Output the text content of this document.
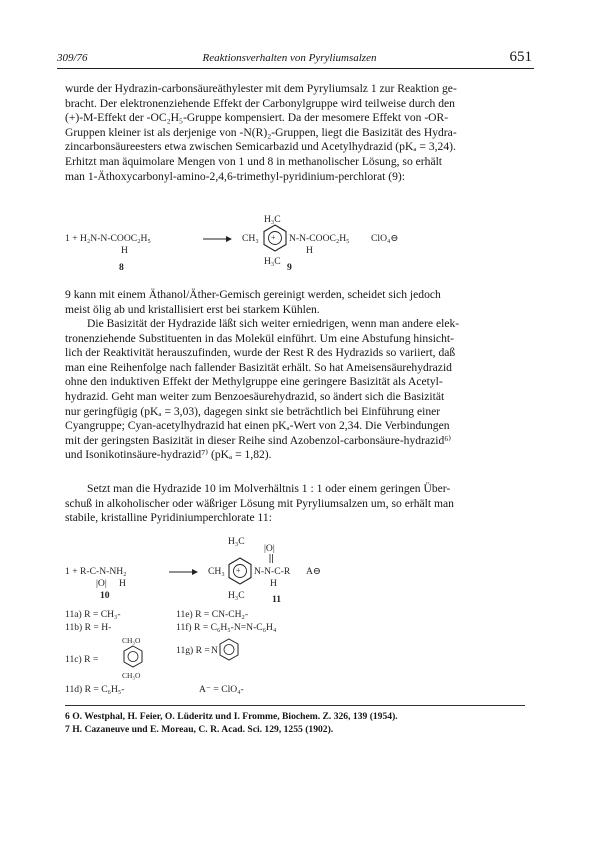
309/76	Reaktionsverhalten von Pyryliumsalzen	651
wurde der Hydrazin-carbonsäureäthylester mit dem Pyryliumsalz 1 zur Reaktion ge-
bracht. Der elektronenziehende Effekt der Carbonylgruppe wird teilweise durch den
(+)-M-Effekt der -OC₂H₅-Gruppe kompensiert. Da der mesomere Effekt von -OR-
Gruppen kleiner ist als derjenige von -N(R)₂-Gruppen, liegt die Basizität des Hydra-
zincarbonsäureesters etwa zwischen Semicarbazid und Acetylhydrazid (pKₐ = 3,24).
Erhitzt man äquimolare Mengen von 1 und 8 in methanolischer Lösung, so erhält
man 1-Äthoxycarbonyl-amino-2,4,6-trimethyl-pyridinium-perchlorat (9):
1 + H₂N-N-COOC₂H₅
H
8
→ CH₃
H₃C
+ N-N-COOC₂H₅ ClO₄⊖
H
H₃C
9
9 kann mit einem Äthanol/Äther-Gemisch gereinigt werden, scheidet sich jedoch
meist ölig ab und kristallisiert erst bei starkem Kühlen.
Die Basizität der Hydrazide läßt sich weiter erniedrigen, wenn man andere elek-
tronenziehende Substituenten in das Molekül einführt. Um eine Abstufung hinsicht-
lich der Reaktivität herauszufinden, wurde der Rest R des Hydrazids so variiert, daß
man eine Reihenfolge nach fallender Basizität erhält. So hat Ameisensäurehydrazid
ohne den induktiven Effekt der Methylgruppe eine geringere Basizität als Acetyl-
hydrazid. Geht man weiter zum Benzoesäurehydrazid, so ändert sich die Basizität
nur geringfügig (pKₐ = 3,03), dagegen sinkt sie beträchtlich bei Einführung einer
Cyangruppe; Cyan-acetylhydrazid hat einen pKₐ-Wert von 2,34. Die Verbindungen
mit der geringsten Basizität in dieser Reihe sind Azobenzol-carbonsäure-hydrazid⁶⁾
und Isonikotinsäure-hydrazid⁷⁾ (pKₐ = 1,82).
Setzt man die Hydrazide 10 im Molverhältnis 1 : 1 oder einem geringen Über-
schuß in alkoholischer oder wäßriger Lösung mit Pyryliumsalzen um, so erhält man
stabile, kristalline Pyridiniumperchlorate 11:
1 + R-C-N-NH₂
|O| H
10
→ CH₃
H₃C
|O|
+ N-N-C-R A⊖
H₃C
H
11
11a) R = CH₃-	11e) R = CN-CH₂-
11b) R = H-	11f) R = C₆H₅-N=N-C₆H₄
CH₃O
11c) R =
CH₃O
11g) R = N
11d) R = C₆H₅-	A⁻ = ClO₄-
6 O. Westphal, H. Feier, O. Lüderitz und I. Fromme, Biochem. Z. 326, 139 (1954).
7 H. Cazaneuve und E. Moreau, C. R. Acad. Sci. 129, 1255 (1902).
